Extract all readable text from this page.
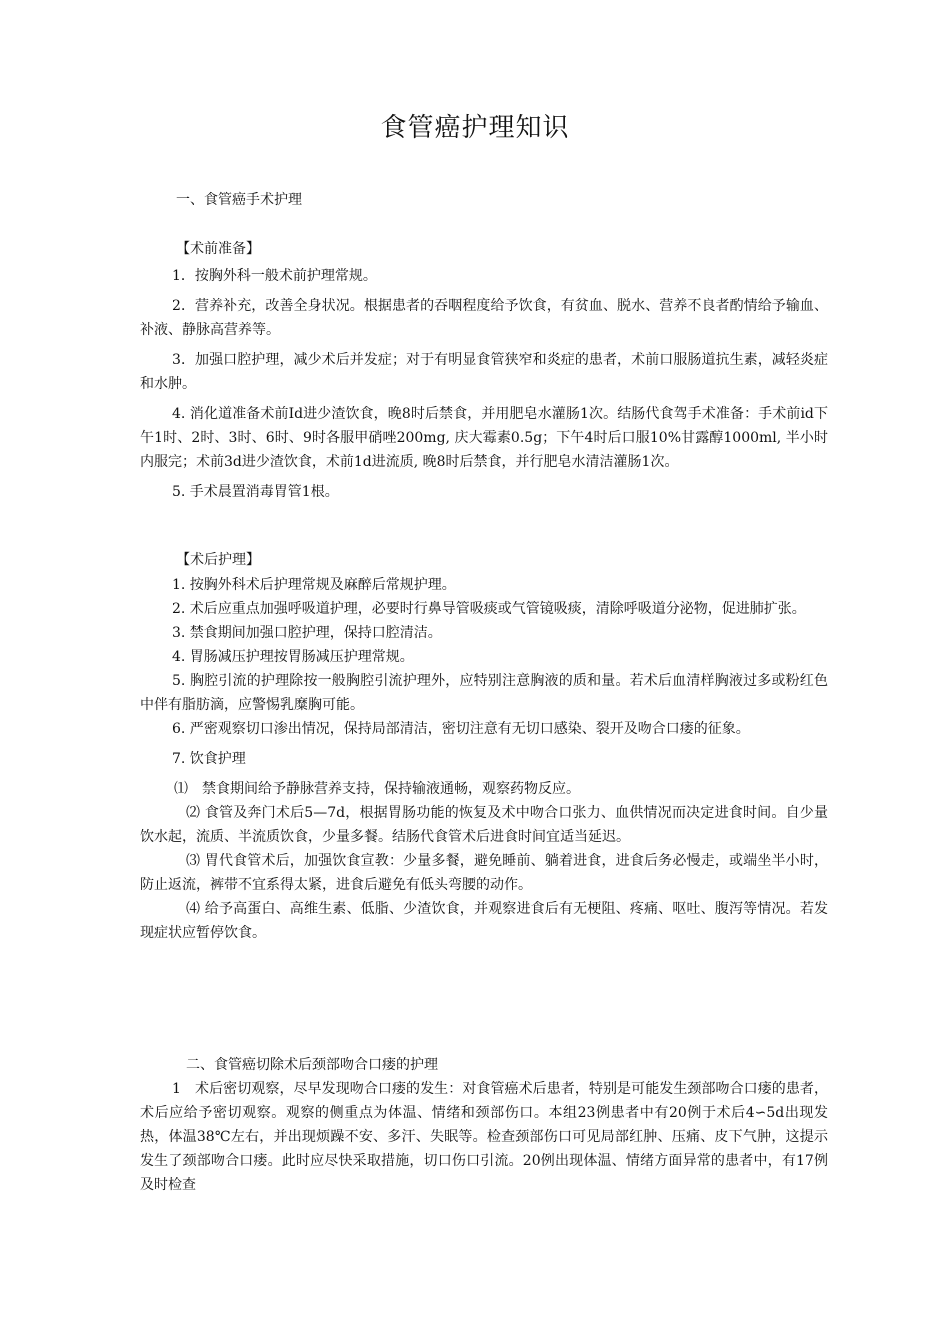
食管癌护理知识
一、食管癌手术护理
【术前准备】

1．按胸外科一般术前护理常规。

2．营养补充，改善全身状况。根据患者的吞咽程度给予饮食，有贫血、脱水、营养不良者酌情给予输血、补液、静脉高营养等。

3．加强口腔护理，减少术后并发症；对于有明显食管狭窄和炎症的患者，术前口服肠道抗生素，减轻炎症和水肿。

4. 消化道准备术前Id进少渣饮食，晚8时后禁食，并用肥皂水灌肠1次。结肠代食驾手术准备：手术前id下午1时、2时、3时、6时、9时各服甲硝唑200mg, 庆大霉素0.5g；下午4时后口服10%甘露醇1000ml, 半小时内服完；术前3d进少渣饮食，术前1d进流质, 晚8时后禁食，并行肥皂水清洁灌肠1次。

5. 手术晨置消毒胃管1根。

【术后护理】

1. 按胸外科术后护理常规及麻醉后常规护理。

2. 术后应重点加强呼吸道护理，必要时行鼻导管吸痰或气管镜吸痰，清除呼吸道分泌物，促进肺扩张。

3. 禁食期间加强口腔护理，保持口腔清洁。

4. 胃肠减压护理按胃肠减压护理常规。

5. 胸腔引流的护理除按一般胸腔引流护理外，应特别注意胸液的质和量。若术后血清样胸液过多或粉红色中伴有脂肪滴，应警惕乳糜胸可能。

6. 严密观察切口渗出情况，保持局部清洁，密切注意有无切口感染、裂开及吻合口瘘的征象。

7. 饮食护理

⑴　禁食期间给予静脉营养支持，保持输液通畅，观察药物反应。

⑵ 食管及奔门术后5—7d，根据胃肠功能的恢复及术中吻合口张力、血供情况而决定进食时间。自少量饮水起，流质、半流质饮食，少量多餐。结肠代食管术后进食时间宜适当延迟。

⑶ 胃代食管术后，加强饮食宣教：少量多餐，避免睡前、躺着进食，进食后务必慢走，或端坐半小时，防止返流，裤带不宜系得太紧，进食后避免有低头弯腰的动作。

⑷ 给予高蛋白、高维生素、低脂、少渣饮食，并观察进食后有无梗阻、疼痛、呕吐、腹泻等情况。若发现症状应暂停饮食。

二、食管癌切除术后颈部吻合口瘘的护理

1　术后密切观察，尽早发现吻合口瘘的发生：对食管癌术后患者，特别是可能发生颈部吻合口瘘的患者，术后应给予密切观察。观察的侧重点为体温、情绪和颈部伤口。本组23例患者中有20例于术后4∽5d出现发热，体温38℃左右，并出现烦躁不安、多汗、失眠等。检查颈部伤口可见局部红肿、压痛、皮下气肿，这提示发生了颈部吻合口瘘。此时应尽快采取措施，切口伤口引流。20例出现体温、情绪方面异常的患者中，有17例及时检查
